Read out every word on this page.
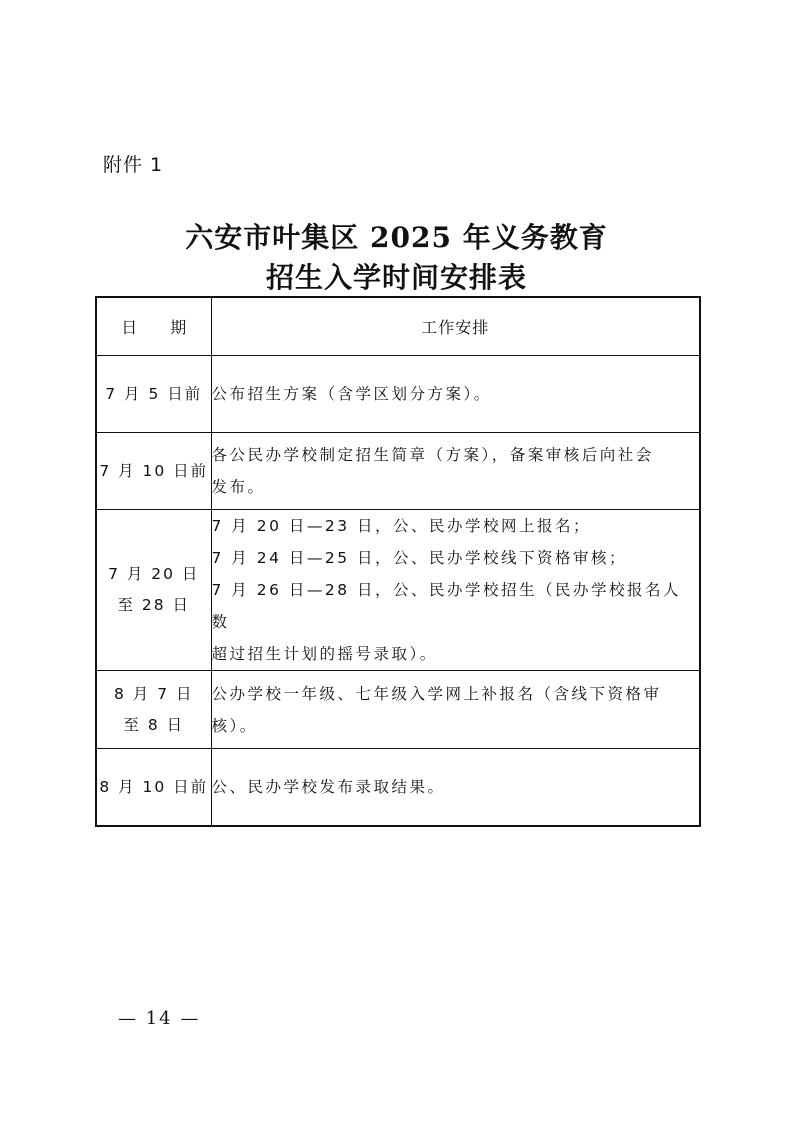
附件 1
六安市叶集区 2025 年义务教育
招生入学时间安排表
日 期	工作安排

7 月 5 日前	公布招生方案（含学区划分方案）。

7 月 10 日前	各公民办学校制定招生简章（方案），备案审核后向社会
发布。

7 月 20 日
至 28 日	7 月 20 日—23 日，公、民办学校网上报名；
7 月 24 日—25 日，公、民办学校线下资格审核；
7 月 26 日—28 日，公、民办学校招生（民办学校报名人数
超过招生计划的摇号录取）。

8 月 7 日
至 8 日	公办学校一年级、七年级入学网上补报名（含线下资格审
核）。

8 月 10 日前	公、民办学校发布录取结果。
— 14 —
